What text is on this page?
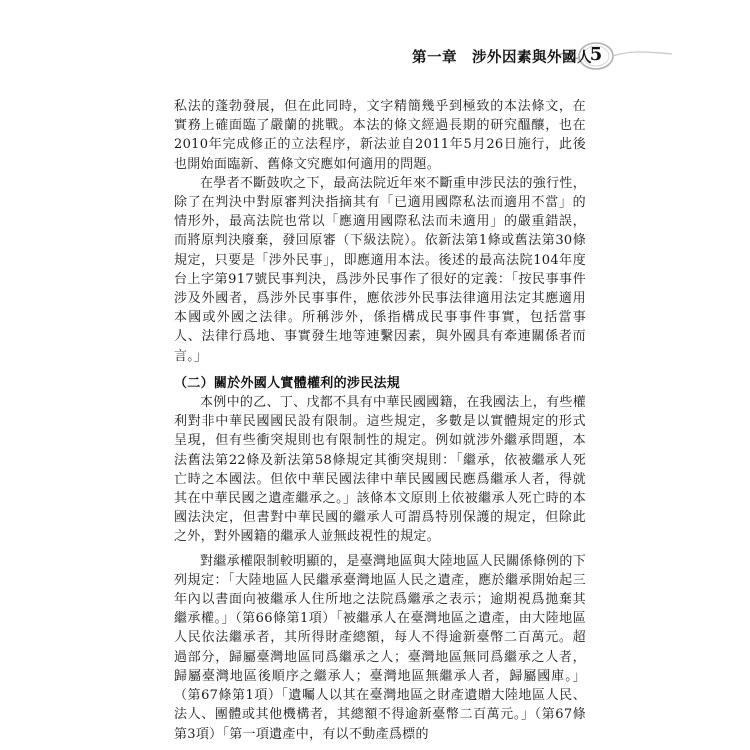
第一章　涉外因素與外國人
5

私法的蓬勃發展，但在此同時，文字精簡幾乎到極致的本法條文，在實務上確面臨了嚴蘭的挑戰。本法的條文經過長期的研究醞釀，也在2010年完成修正的立法程序，新法並自2011年5月26日施行，此後也開始面臨新、舊條文究應如何適用的問題。

在學者不斷鼓吹之下，最高法院近年來不斷重申涉民法的強行性，除了在判決中對原審判決指摘其有「已適用國際私法而適用不當」的情形外，最高法院也常以「應適用國際私法而未適用」的嚴重錯誤，而將原判決廢棄，發回原審（下級法院）。依新法第1條或舊法第30條規定，只要是「涉外民事」，即應適用本法。後述的最高法院104年度台上字第917號民事判決，爲涉外民事作了很好的定義：「按民事事件涉及外國者，爲涉外民事事件，應依涉外民事法律適用法定其應適用本國或外國之法律。所稱涉外，係指構成民事事件事實，包括當事人、法律行爲地、事實發生地等連繫因素，與外國具有牽連關係者而言。」

（二）關於外國人實體權利的涉民法規

本例中的乙、丁、戊都不具有中華民國國籍，在我國法上，有些權利對非中華民國國民設有限制。這些規定，多數是以實體規定的形式呈現，但有些衝突規則也有限制性的規定。例如就涉外繼承問題，本法舊法第22條及新法第58條規定其衝突規則：「繼承，依被繼承人死亡時之本國法。但依中華民國法律中華民國國民應爲繼承人者，得就其在中華民國之遺產繼承之。」該條本文原則上依被繼承人死亡時的本國法決定，但書對中華民國的繼承人可謂爲特別保護的規定，但除此之外，對外國籍的繼承人並無歧視性的規定。

對繼承權限制較明顯的，是臺灣地區與大陸地區人民關係條例的下列規定：「大陸地區人民繼承臺灣地區人民之遺產，應於繼承開始起三年內以書面向被繼承人住所地之法院爲繼承之表示；逾期視爲拋棄其繼承權。」（第66條第1項）「被繼承人在臺灣地區之遺產，由大陸地區人民依法繼承者，其所得財產總額，每人不得逾新臺幣二百萬元。超過部分，歸屬臺灣地區同爲繼承之人；臺灣地區無同爲繼承之人者，歸屬臺灣地區後順序之繼承人；臺灣地區無繼承人者，歸屬國庫。」（第67條第1項）「遺囑人以其在臺灣地區之財產遺贈大陸地區人民、法人、團體或其他機構者，其總額不得逾新臺幣二百萬元。」（第67條第3項）「第一項遺產中，有以不動產爲標的
